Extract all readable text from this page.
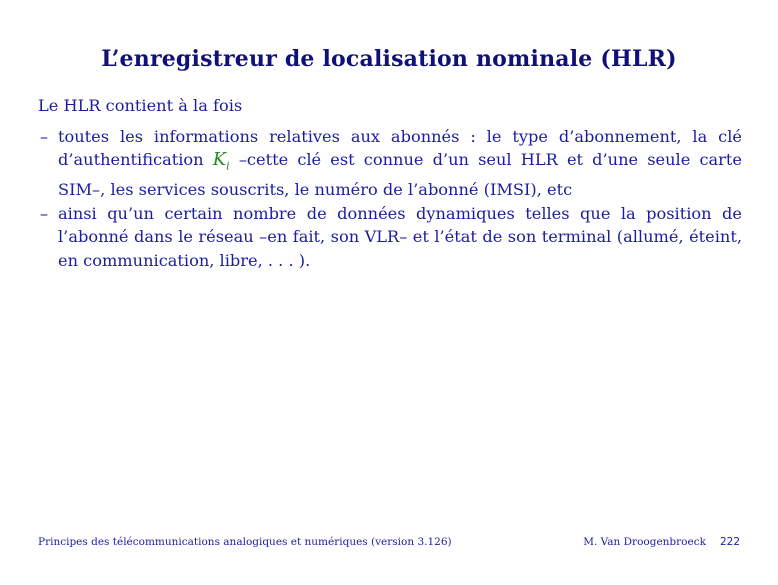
L’enregistreur de localisation nominale (HLR)

Le HLR contient à la fois

– toutes les informations relatives aux abonnés : le type d’abonnement, la clé d’authentification $K_i$ –cette clé est connue d’un seul HLR et d’une seule carte SIM–, les services souscrits, le numéro de l’abonné (IMSI), etc
– ainsi qu’un certain nombre de données dynamiques telles que la position de l’abonné dans le réseau –en fait, son VLR– et l’état de son terminal (allumé, éteint, en communication, libre, . . . ).
Principes des télécommunications analogiques et numériques (version 3.126)	M. Van Droogenbroeck 222
